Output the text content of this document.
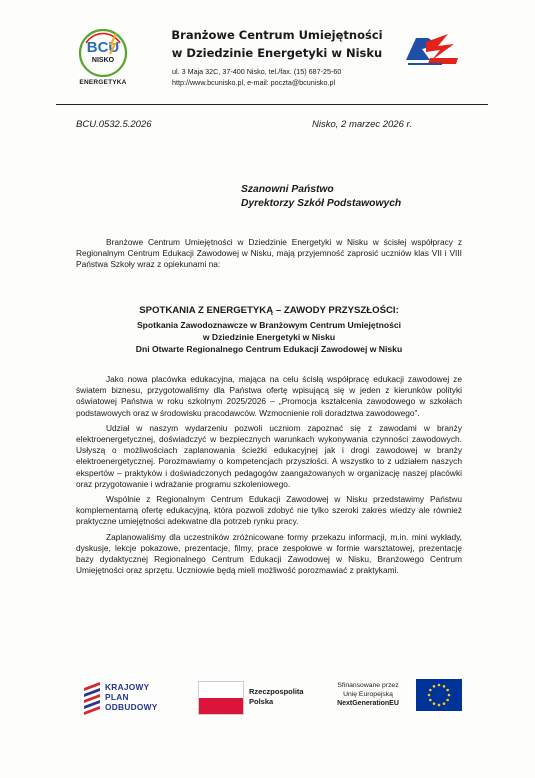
BCU
NISKO
ENERGETYKA
Branżowe Centrum Umiejętności
w Dziedzinie Energetyki w Nisku
ul. 3 Maja 32C, 37-400 Nisko, tel./fax. (15) 687-25-60
http://www.bcunisko.pl, e-mail: poczta@bcunisko.pl
BCU.0532.5.2026	Nisko, 2 marzec 2026 r.
Szanowni Państwo
Dyrektorzy Szkół Podstawowych
Branżowe Centrum Umiejętności w Dziedzinie Energetyki w Nisku w ścisłej współpracy z Regionalnym Centrum Edukacji Zawodowej w Nisku, mają przyjemność zaprosić uczniów klas VII i VIII Państwa Szkoły wraz z opiekunami na:
SPOTKANIA Z ENERGETYKĄ – ZAWODY PRZYSZŁOŚCI:
Spotkania Zawodoznawcze w Branżowym Centrum Umiejętności
w Dziedzinie Energetyki w Nisku
Dni Otwarte Regionalnego Centrum Edukacji Zawodowej w Nisku

Jako nowa placówka edukacyjna, mająca na celu ścisłą współpracę edukacji zawodowej ze światem biznesu, przygotowaliśmy dla Państwa ofertę wpisującą się w jeden z kierunków polityki oświatowej Państwa w roku szkolnym 2025/2026 – „Promocja kształcenia zawodowego w szkołach podstawowych oraz w środowisku pracodawców. Wzmocnienie roli doradztwa zawodowego”.

Udział w naszym wydarzeniu pozwoli uczniom zapoznać się z zawodami w branży elektroenergetycznej, doświadczyć w bezpiecznych warunkach wykonywania czynności zawodowych. Usłyszą o możliwościach zaplanowania ścieżki edukacyjnej jak i drogi zawodowej w branży elektroenergetycznej. Porozmawiamy o kompetencjach przyszłości. A wszystko to z udziałem naszych ekspertów – praktyków i doświadczonych pedagogów zaangażowanych w organizację naszej placówki oraz przygotowanie i wdrażanie programu szkoleniowego.

Wspólnie z Regionalnym Centrum Edukacji Zawodowej w Nisku przedstawimy Państwu komplementarną ofertę edukacyjną, która pozwoli zdobyć nie tylko szeroki zakres wiedzy ale również praktyczne umiejętności adekwatne dla potrzeb rynku pracy.

Zaplanowaliśmy dla uczestników zróżnicowane formy przekazu informacji, m.in. mini wykłady, dyskusje, lekcje pokazowe, prezentacje, filmy, prace zespołowe w formie warsztatowej, prezentację bazy dydaktycznej Regionalnego Centrum Edukacji Zawodowej w Nisku, Branżowego Centrum Umiejętności oraz sprzętu. Uczniowie będą mieli możliwość porozmawiać z praktykami.

KRAJOWY
PLAN
ODBUDOWY
Rzeczpospolita
Polska
Sfinansowane przez
Unię Europejską
NextGenerationEU
